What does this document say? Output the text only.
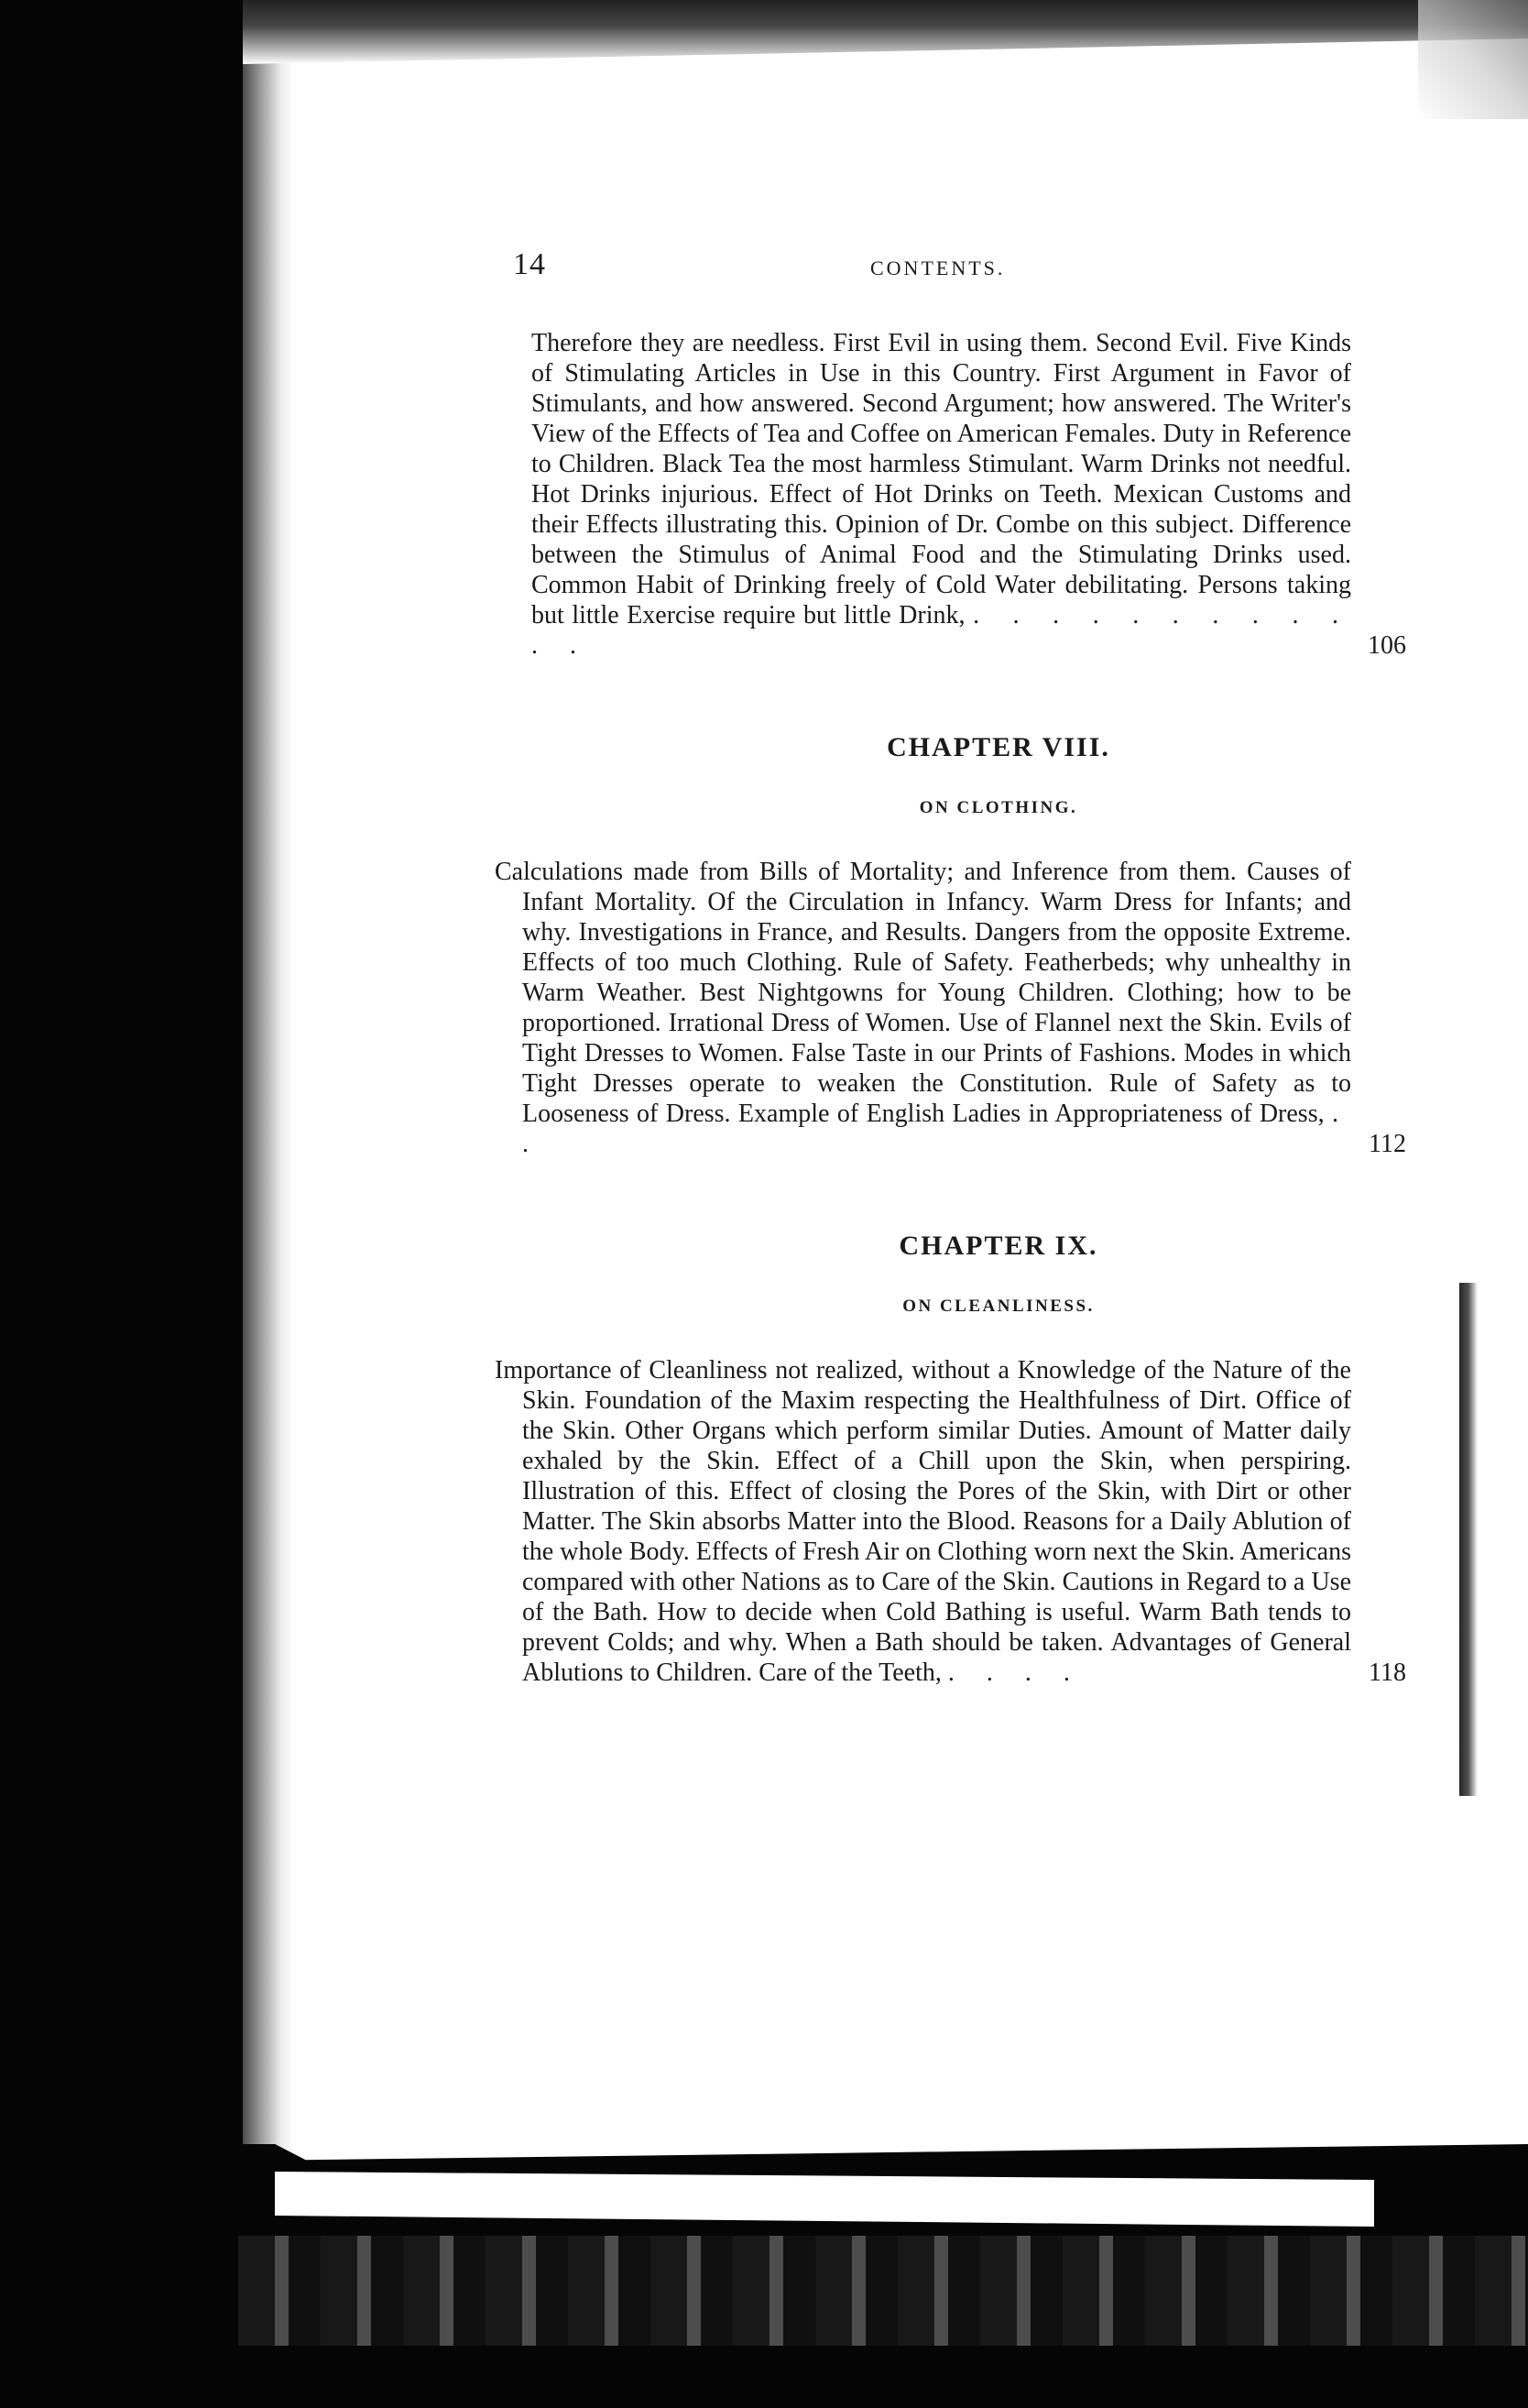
14	CONTENTS.

Therefore they are needless. First Evil in using them. Second Evil. Five Kinds of Stimulating Articles in Use in this Country. First Argument in Favor of Stimulants, and how answered. Second Argument; how answered. The Writer's View of the Effects of Tea and Coffee on American Females. Duty in Reference to Children. Black Tea the most harmless Stimulant. Warm Drinks not needful. Hot Drinks injurious. Effect of Hot Drinks on Teeth. Mexican Customs and their Effects illustrating this. Opinion of Dr. Combe on this subject. Difference between the Stimulus of Animal Food and the Stimulating Drinks used. Common Habit of Drinking freely of Cold Water debilitating. Persons taking but little Exercise require but little Drink, . . . . . . . . . . . .	106

CHAPTER VIII.
ON CLOTHING.

Calculations made from Bills of Mortality; and Inference from them. Causes of Infant Mortality. Of the Circulation in Infancy. Warm Dress for Infants; and why. Investigations in France, and Results. Dangers from the opposite Extreme. Effects of too much Clothing. Rule of Safety. Featherbeds; why unhealthy in Warm Weather. Best Nightgowns for Young Children. Clothing; how to be proportioned. Irrational Dress of Women. Use of Flannel next the Skin. Evils of Tight Dresses to Women. False Taste in our Prints of Fashions. Modes in which Tight Dresses operate to weaken the Constitution. Rule of Safety as to Looseness of Dress. Example of English Ladies in Appropriateness of Dress, . .	112

CHAPTER IX.
ON CLEANLINESS.

Importance of Cleanliness not realized, without a Knowledge of the Nature of the Skin. Foundation of the Maxim respecting the Healthfulness of Dirt. Office of the Skin. Other Organs which perform similar Duties. Amount of Matter daily exhaled by the Skin. Effect of a Chill upon the Skin, when perspiring. Illustration of this. Effect of closing the Pores of the Skin, with Dirt or other Matter. The Skin absorbs Matter into the Blood. Reasons for a Daily Ablution of the whole Body. Effects of Fresh Air on Clothing worn next the Skin. Americans compared with other Nations as to Care of the Skin. Cautions in Regard to a Use of the Bath. How to decide when Cold Bathing is useful. Warm Bath tends to prevent Colds; and why. When a Bath should be taken. Advantages of General Ablutions to Children. Care of the Teeth, . . . .	118
